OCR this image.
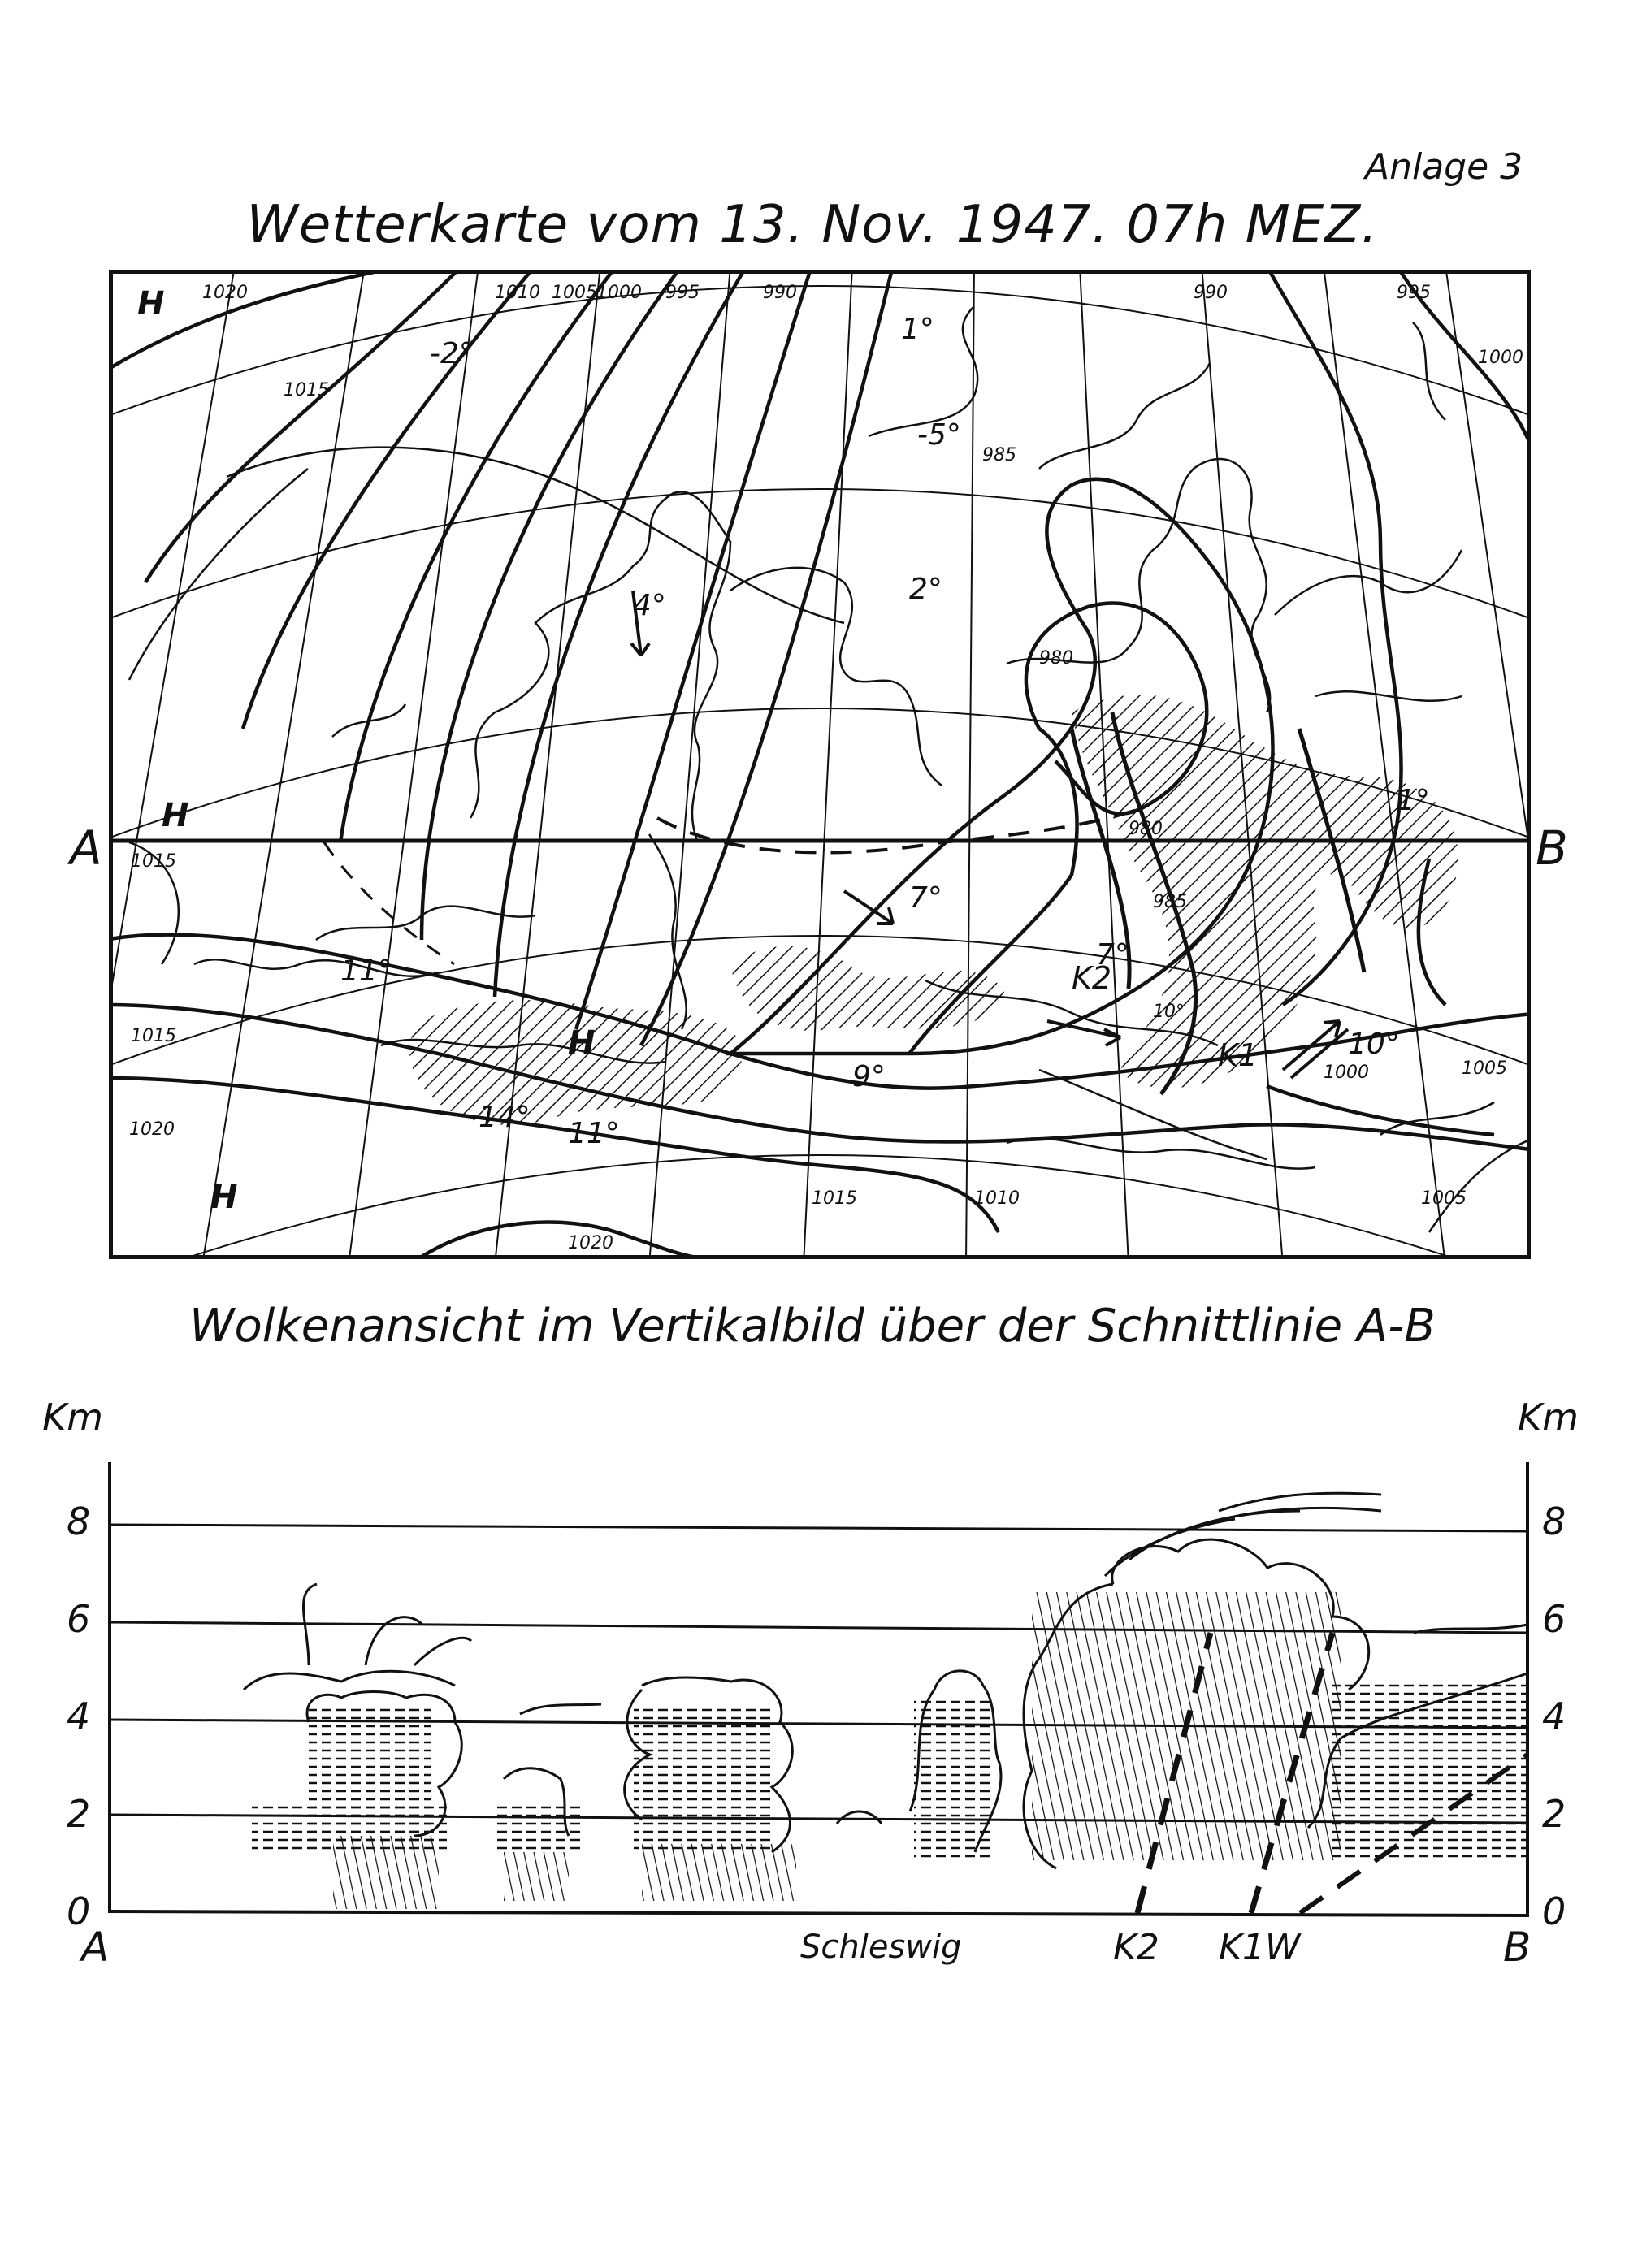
Anlage 3
Wetterkarte vom 13. Nov. 1947. 07h MEZ.
1020	1010 1005 1000 995	990	990	995
1000
1015
985
980
980
985
1015
10°
1015
1020
1015	1010
1020
1005
1005
1000
-2°
1°
-5°
4°	2°
7°
1°
11°	7°
10°
9°
11°
14°
H
H
H
H
K2
K1
A	B
Wolkenansicht im Vertikalbild über der Schnittlinie A-B
Km	Km
8
6
4
2
0
8
6
4
2
0
A	Schleswig	K2 K1W	B
